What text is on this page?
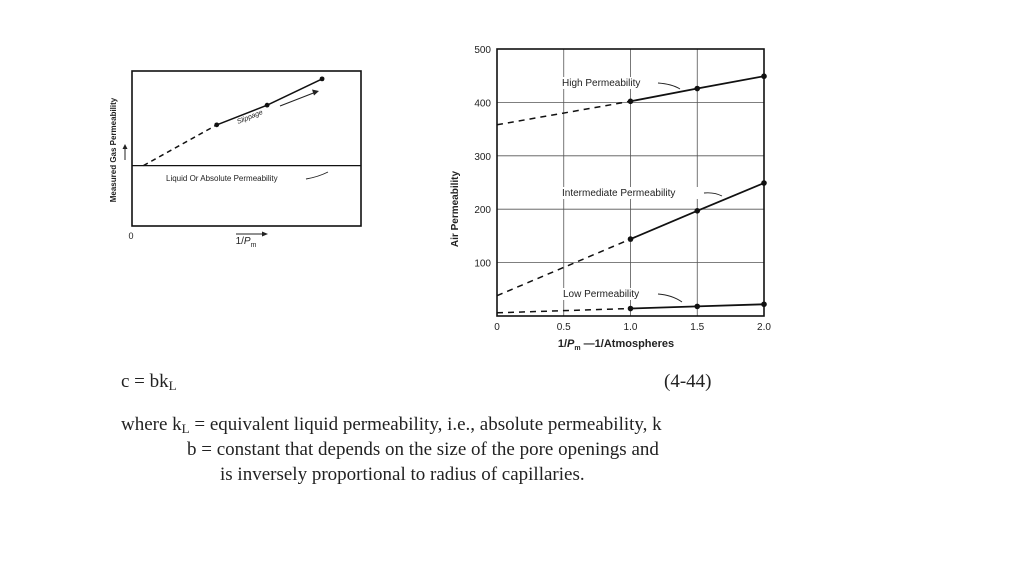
Measured Gas Permeability
0	$1/P_m$
Slippage
Liquid Or Absolute Permeability
0	0.5	1.0	1.5	2.0
100
200
300
400
500
Air Permeability
$1/P_m$ —1/Atmospheres
High Permeability
Intermediate Permeability
Low Permeability
$c = bk_L$	(4-44)
where $k_L$ = equivalent liquid permeability, i.e., absolute permeability, k
b = constant that depends on the size of the pore openings and
is inversely proportional to radius of capillaries.
